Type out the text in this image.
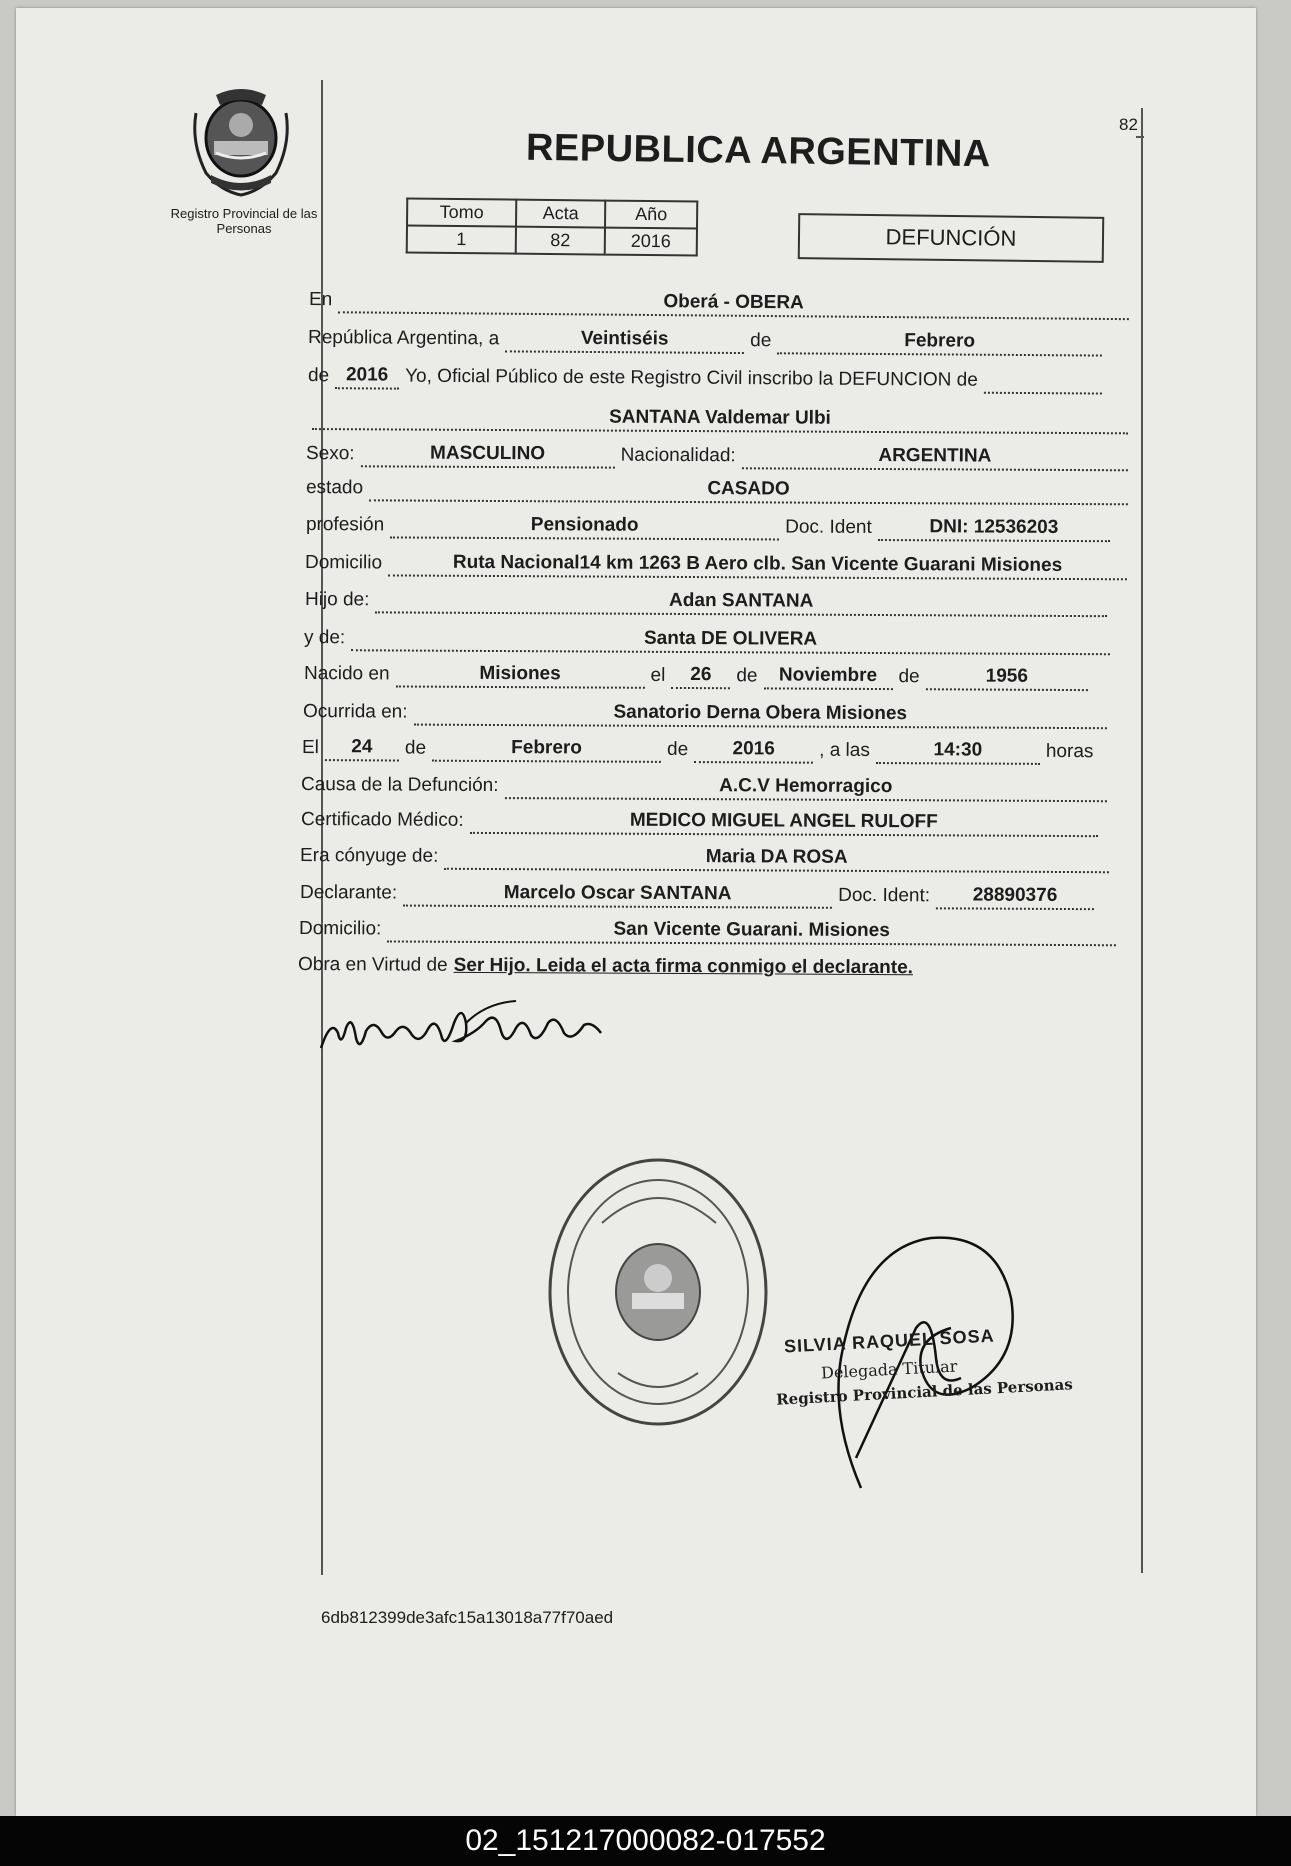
Registro Provincial de las Personas
82
REPUBLICA ARGENTINA
Tomo	Acta	Año
1	82	2016	DEFUNCIÓN
En	Oberá - OBERA
República Argentina, a	Veintiséis	de	Febrero
de 2016 Yo, Oficial Público de este Registro Civil inscribo la DEFUNCION de
SANTANA Valdemar Ulbi
Sexo:	MASCULINO	Nacionalidad:	ARGENTINA
estado	CASADO
profesión	Pensionado	Doc. Ident	DNI: 12536203
Domicilio	Ruta Nacional14 km 1263 B Aero clb. San Vicente Guarani Misiones
Hijo de:	Adan SANTANA
y de:	Santa DE OLIVERA
Nacido en	Misiones	el	26	de	Noviembre	de	1956
Ocurrida en:	Sanatorio Derna Obera Misiones
El	24	de	Febrero	de	2016	, a las	14:30	horas
Causa de la Defunción:	A.C.V Hemorragico
Certificado Médico:	MEDICO MIGUEL ANGEL RULOFF
Era cónyuge de:	Maria DA ROSA
Declarante:	Marcelo Oscar SANTANA	Doc. Ident:	28890376
Domicilio:	San Vicente Guarani. Misiones
Obra en Virtud de Ser Hijo. Leida el acta firma conmigo el declarante.
SILVIA RAQUEL SOSA
Delegada Titular
Registro Provincial de las Personas
6db812399de3afc15a13018a77f70aed
02_151217000082-017552
